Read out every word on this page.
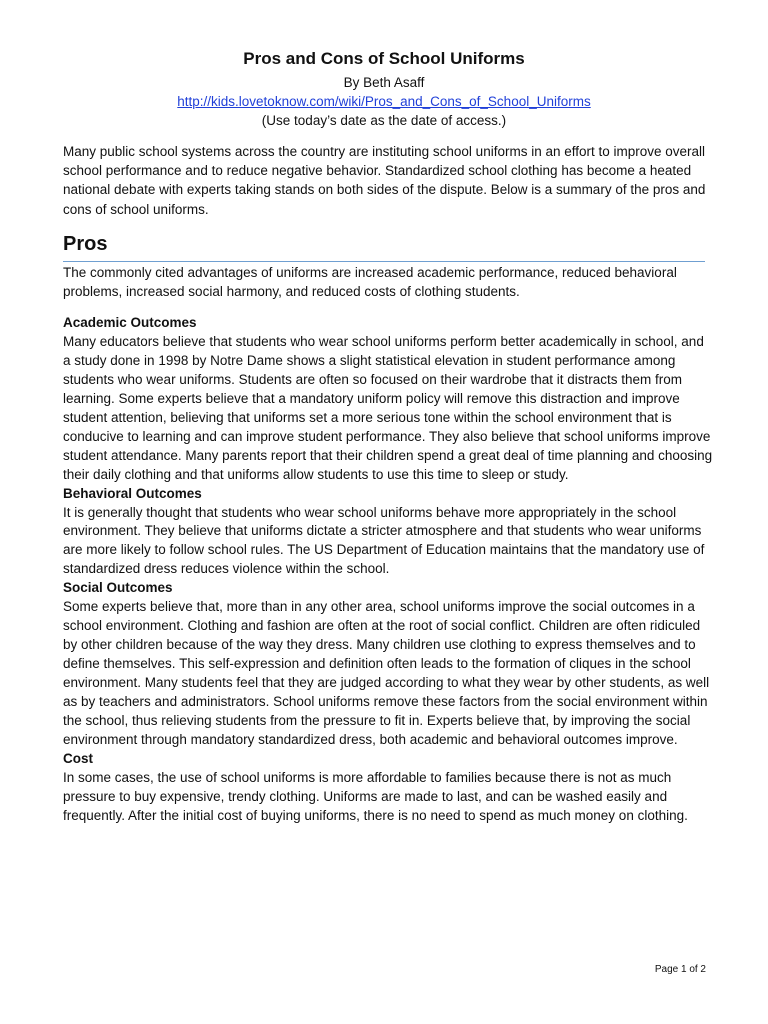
Pros and Cons of School Uniforms
By Beth Asaff
http://kids.lovetoknow.com/wiki/Pros_and_Cons_of_School_Uniforms
(Use today’s date as the date of access.)

Many public school systems across the country are instituting school uniforms in an effort to improve overall school performance and to reduce negative behavior. Standardized school clothing has become a heated national debate with experts taking stands on both sides of the dispute. Below is a summary of the pros and cons of school uniforms.

Pros

The commonly cited advantages of uniforms are increased academic performance, reduced behavioral problems, increased social harmony, and reduced costs of clothing students.

Academic Outcomes

Many educators believe that students who wear school uniforms perform better academically in school, and a study done in 1998 by Notre Dame shows a slight statistical elevation in student performance among students who wear uniforms. Students are often so focused on their wardrobe that it distracts them from learning. Some experts believe that a mandatory uniform policy will remove this distraction and improve student attention, believing that uniforms set a more serious tone within the school environment that is conducive to learning and can improve student performance. They also believe that school uniforms improve student attendance. Many parents report that their children spend a great deal of time planning and choosing their daily clothing and that uniforms allow students to use this time to sleep or study.

Behavioral Outcomes

It is generally thought that students who wear school uniforms behave more appropriately in the school environment. They believe that uniforms dictate a stricter atmosphere and that students who wear uniforms are more likely to follow school rules. The US Department of Education maintains that the mandatory use of standardized dress reduces violence within the school.

Social Outcomes

Some experts believe that, more than in any other area, school uniforms improve the social outcomes in a school environment. Clothing and fashion are often at the root of social conflict. Children are often ridiculed by other children because of the way they dress. Many children use clothing to express themselves and to define themselves. This self-expression and definition often leads to the formation of cliques in the school environment. Many students feel that they are judged according to what they wear by other students, as well as by teachers and administrators. School uniforms remove these factors from the social environment within the school, thus relieving students from the pressure to fit in. Experts believe that, by improving the social environment through mandatory standardized dress, both academic and behavioral outcomes improve.

Cost

In some cases, the use of school uniforms is more affordable to families because there is not as much pressure to buy expensive, trendy clothing. Uniforms are made to last, and can be washed easily and frequently. After the initial cost of buying uniforms, there is no need to spend as much money on clothing.

Page 1 of 2
